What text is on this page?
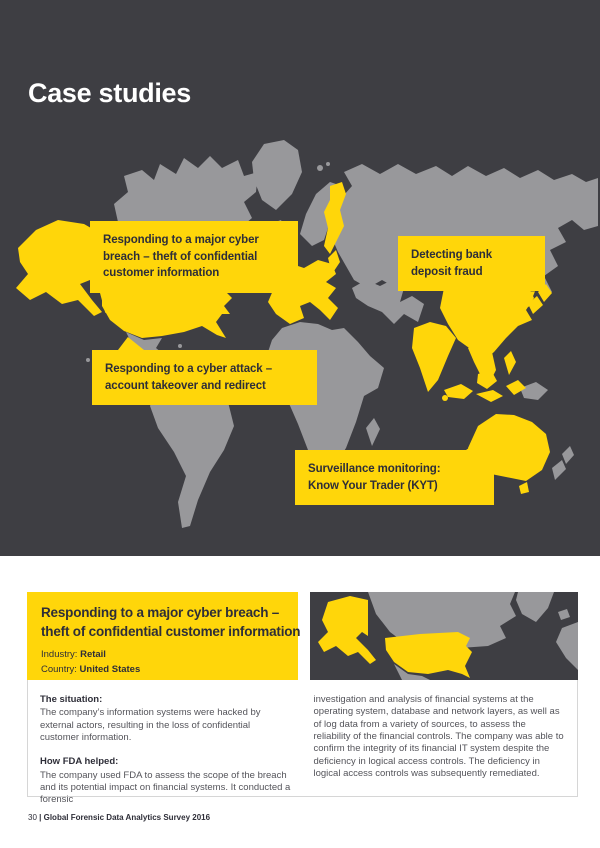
Case studies
Responding to a major cyber
breach – theft of confidential
customer information
Detecting bank
deposit fraud
Responding to a cyber attack –
account takeover and redirect
Surveillance monitoring:
Know Your Trader (KYT)
Responding to a major cyber breach –
theft of confidential customer information
Industry: Retail
Country: United States
The situation:

The company’s information systems were hacked by external actors, resulting in the loss of confidential customer information.

How FDA helped:

The company used FDA to assess the scope of the breach and its potential impact on financial systems. It conducted a forensic

investigation and analysis of financial systems at the operating system, database and network layers, as well as of log data from a variety of sources, to assess the reliability of the financial controls. The company was able to confirm the integrity of its financial IT system despite the deficiency in logical access controls. The deficiency in logical access controls was subsequently remediated.

30 | Global Forensic Data Analytics Survey 2016
